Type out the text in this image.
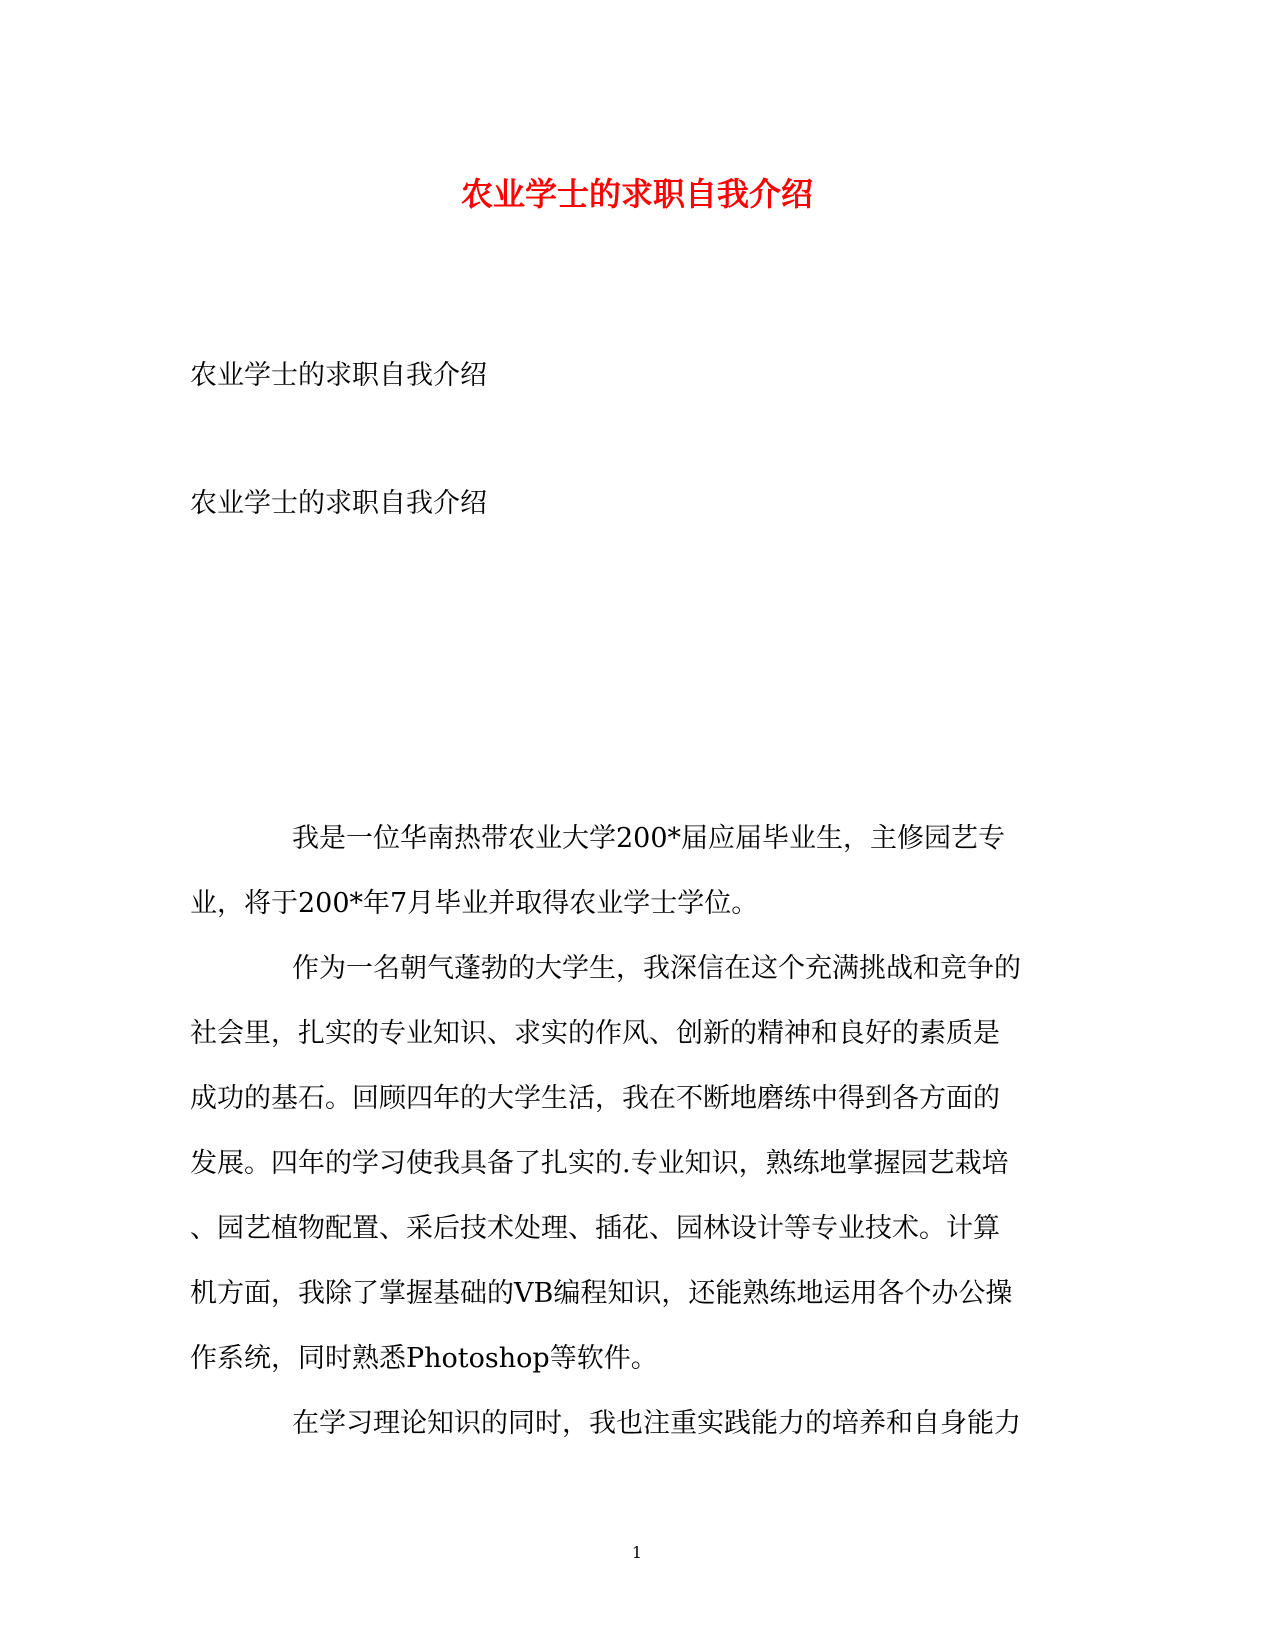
农业学士的求职自我介绍

农业学士的求职自我介绍

农业学士的求职自我介绍

我是一位华南热带农业大学200*届应届毕业生，主修园艺专
业，将于200*年7月毕业并取得农业学士学位。
作为一名朝气蓬勃的大学生，我深信在这个充满挑战和竞争的
社会里，扎实的专业知识、求实的作风、创新的精神和良好的素质是
成功的基石。回顾四年的大学生活，我在不断地磨练中得到各方面的
发展。四年的学习使我具备了扎实的.专业知识，熟练地掌握园艺栽培
、园艺植物配置、采后技术处理、插花、园林设计等专业技术。计算
机方面，我除了掌握基础的VB编程知识，还能熟练地运用各个办公操
作系统，同时熟悉Photoshop等软件。
在学习理论知识的同时，我也注重实践能力的培养和自身能力
1
